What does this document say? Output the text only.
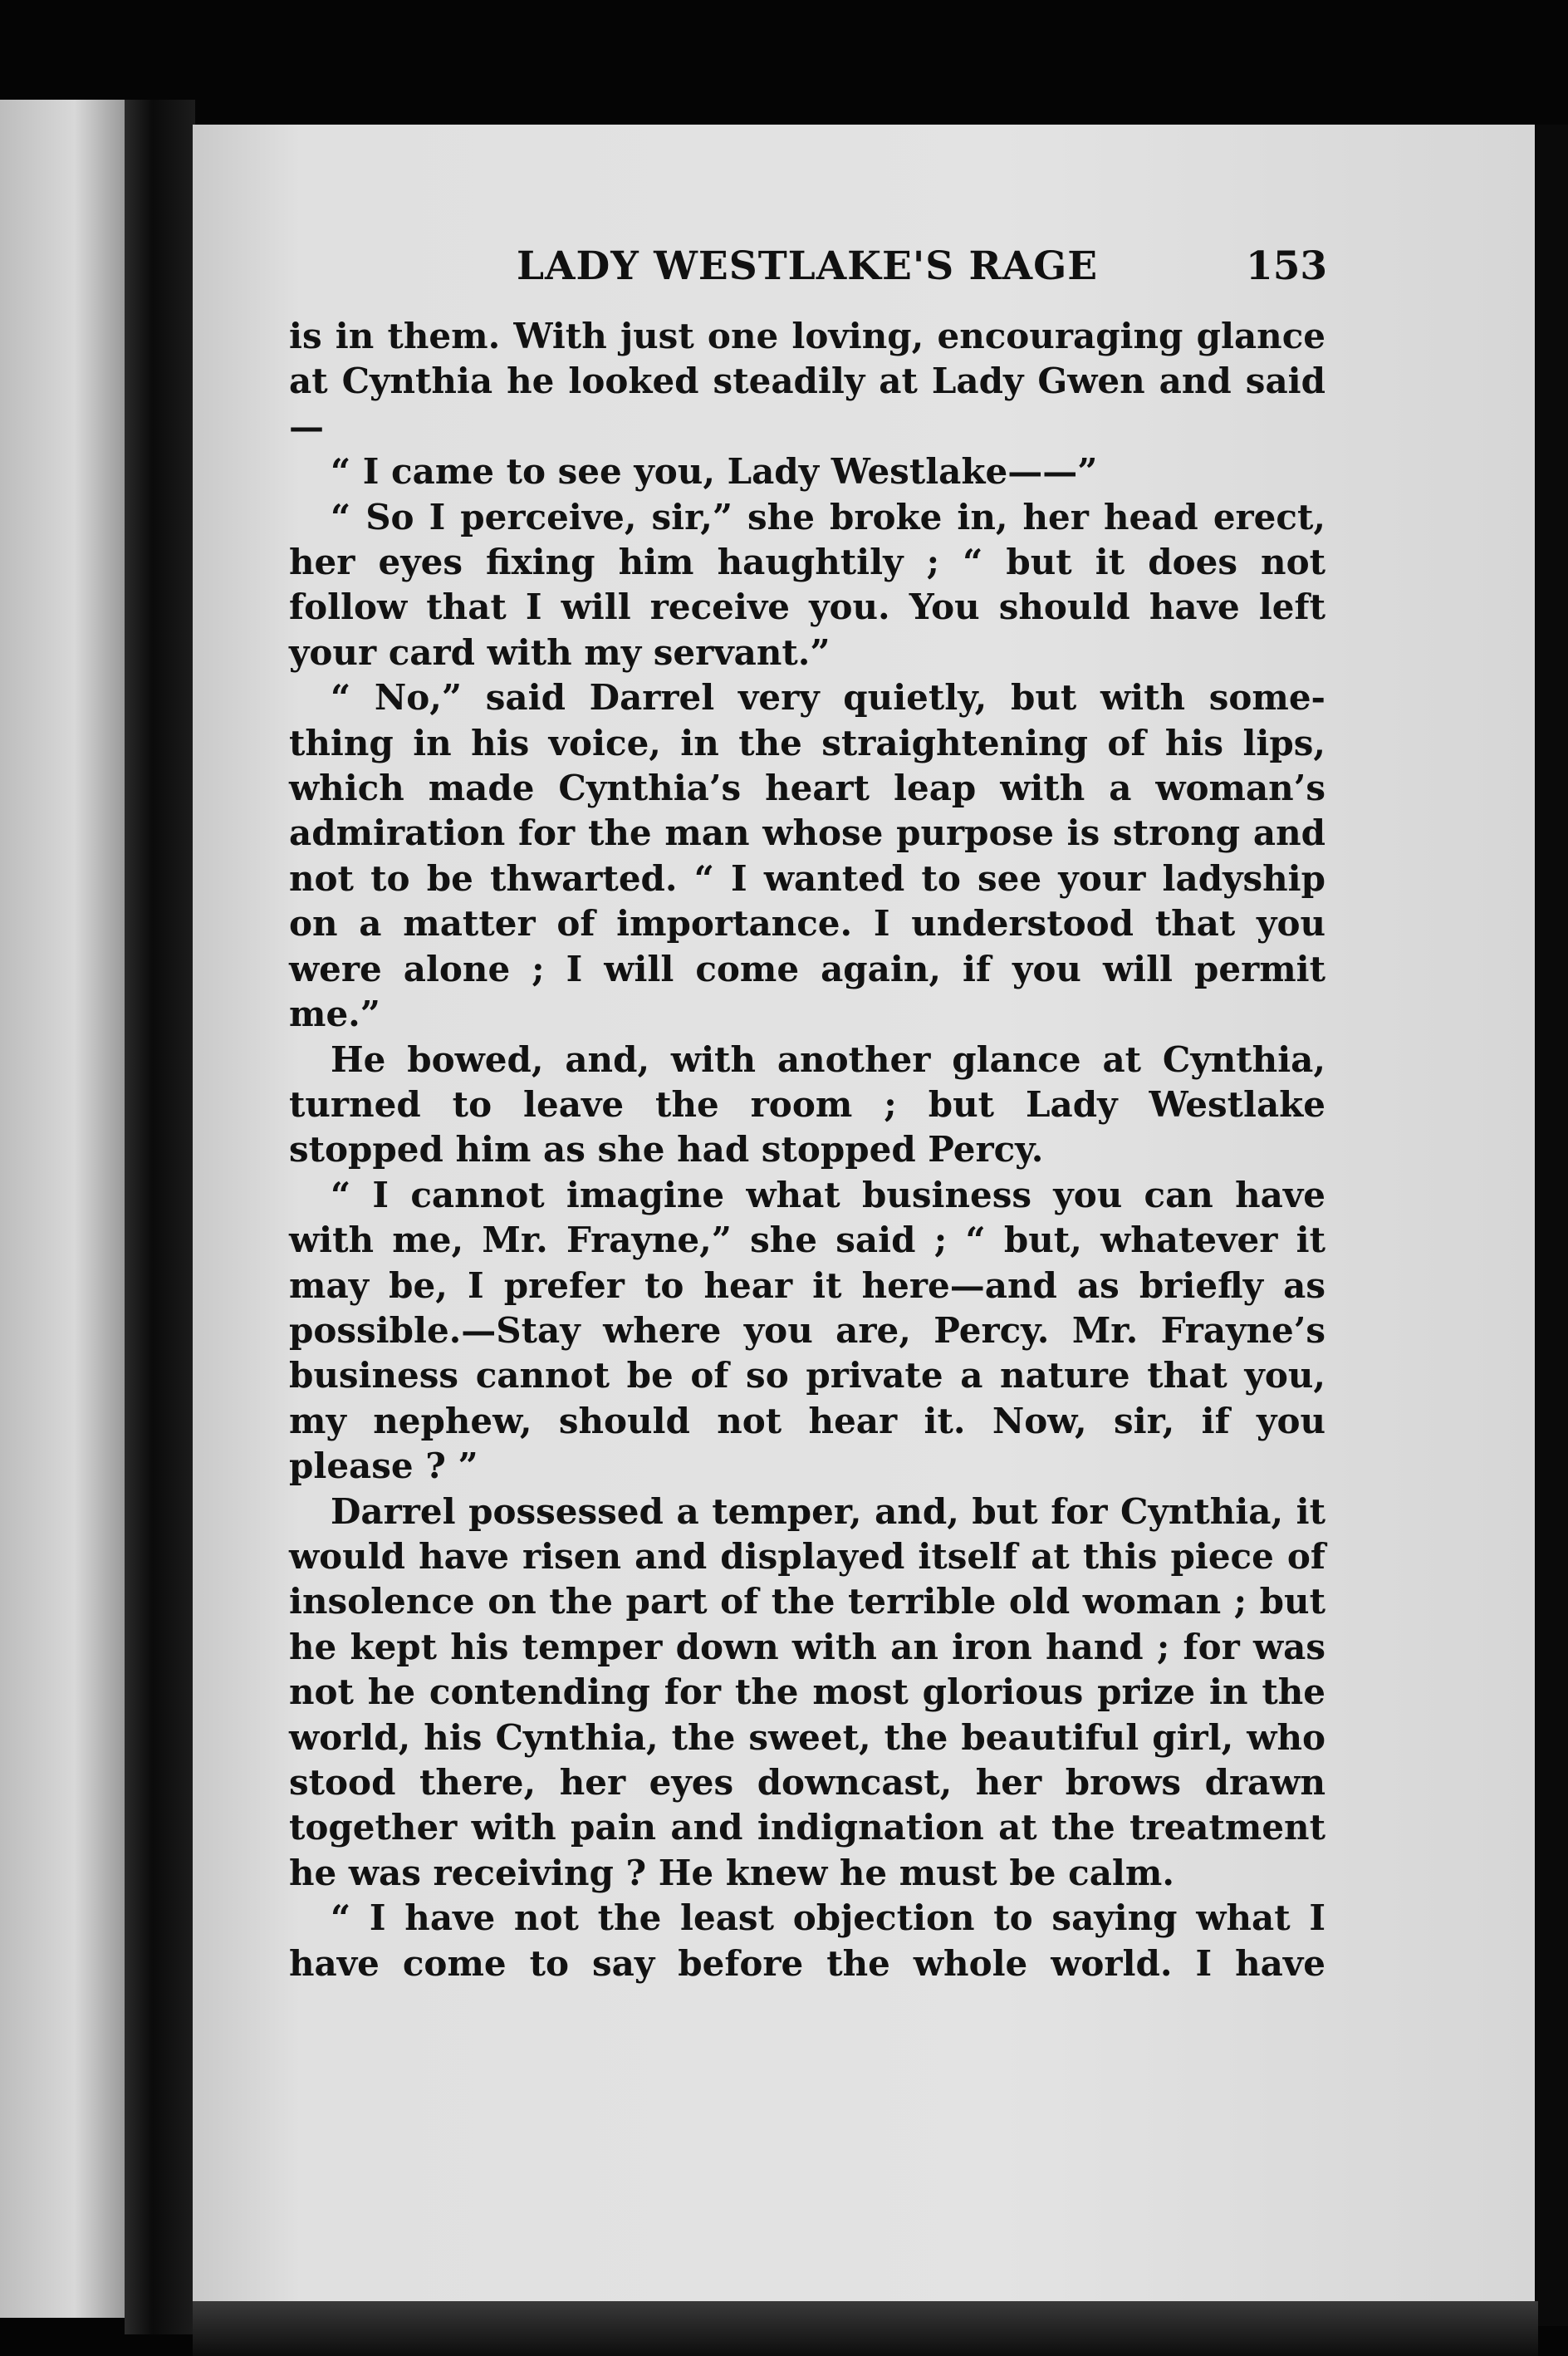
LADY WESTLAKE'S RAGE	153

is in them. With just one loving, encouraging glance at Cynthia he looked steadily at Lady Gwen and said—

“ I came to see you, Lady Westlake——”

“ So I perceive, sir,” she broke in, her head erect, her eyes fixing him haughtily ; “ but it does not follow that I will receive you. You should have left your card with my servant.”

“ No,” said Darrel very quietly, but with some-thing in his voice, in the straightening of his lips, which made Cynthia’s heart leap with a woman’s admiration for the man whose purpose is strong and not to be thwarted. “ I wanted to see your ladyship on a matter of importance. I understood that you were alone ; I will come again, if you will permit me.”

He bowed, and, with another glance at Cynthia, turned to leave the room ; but Lady Westlake stopped him as she had stopped Percy.

“ I cannot imagine what business you can have with me, Mr. Frayne,” she said ; “ but, whatever it may be, I prefer to hear it here—and as briefly as possible.—Stay where you are, Percy. Mr. Frayne’s business cannot be of so private a nature that you, my nephew, should not hear it. Now, sir, if you please ? ”

Darrel possessed a temper, and, but for Cynthia, it would have risen and displayed itself at this piece of insolence on the part of the terrible old woman ; but he kept his temper down with an iron hand ; for was not he contending for the most glorious prize in the world, his Cynthia, the sweet, the beautiful girl, who stood there, her eyes downcast, her brows drawn together with pain and indignation at the treatment he was receiving ? He knew he must be calm.

“ I have not the least objection to saying what I have come to say before the whole world. I have
